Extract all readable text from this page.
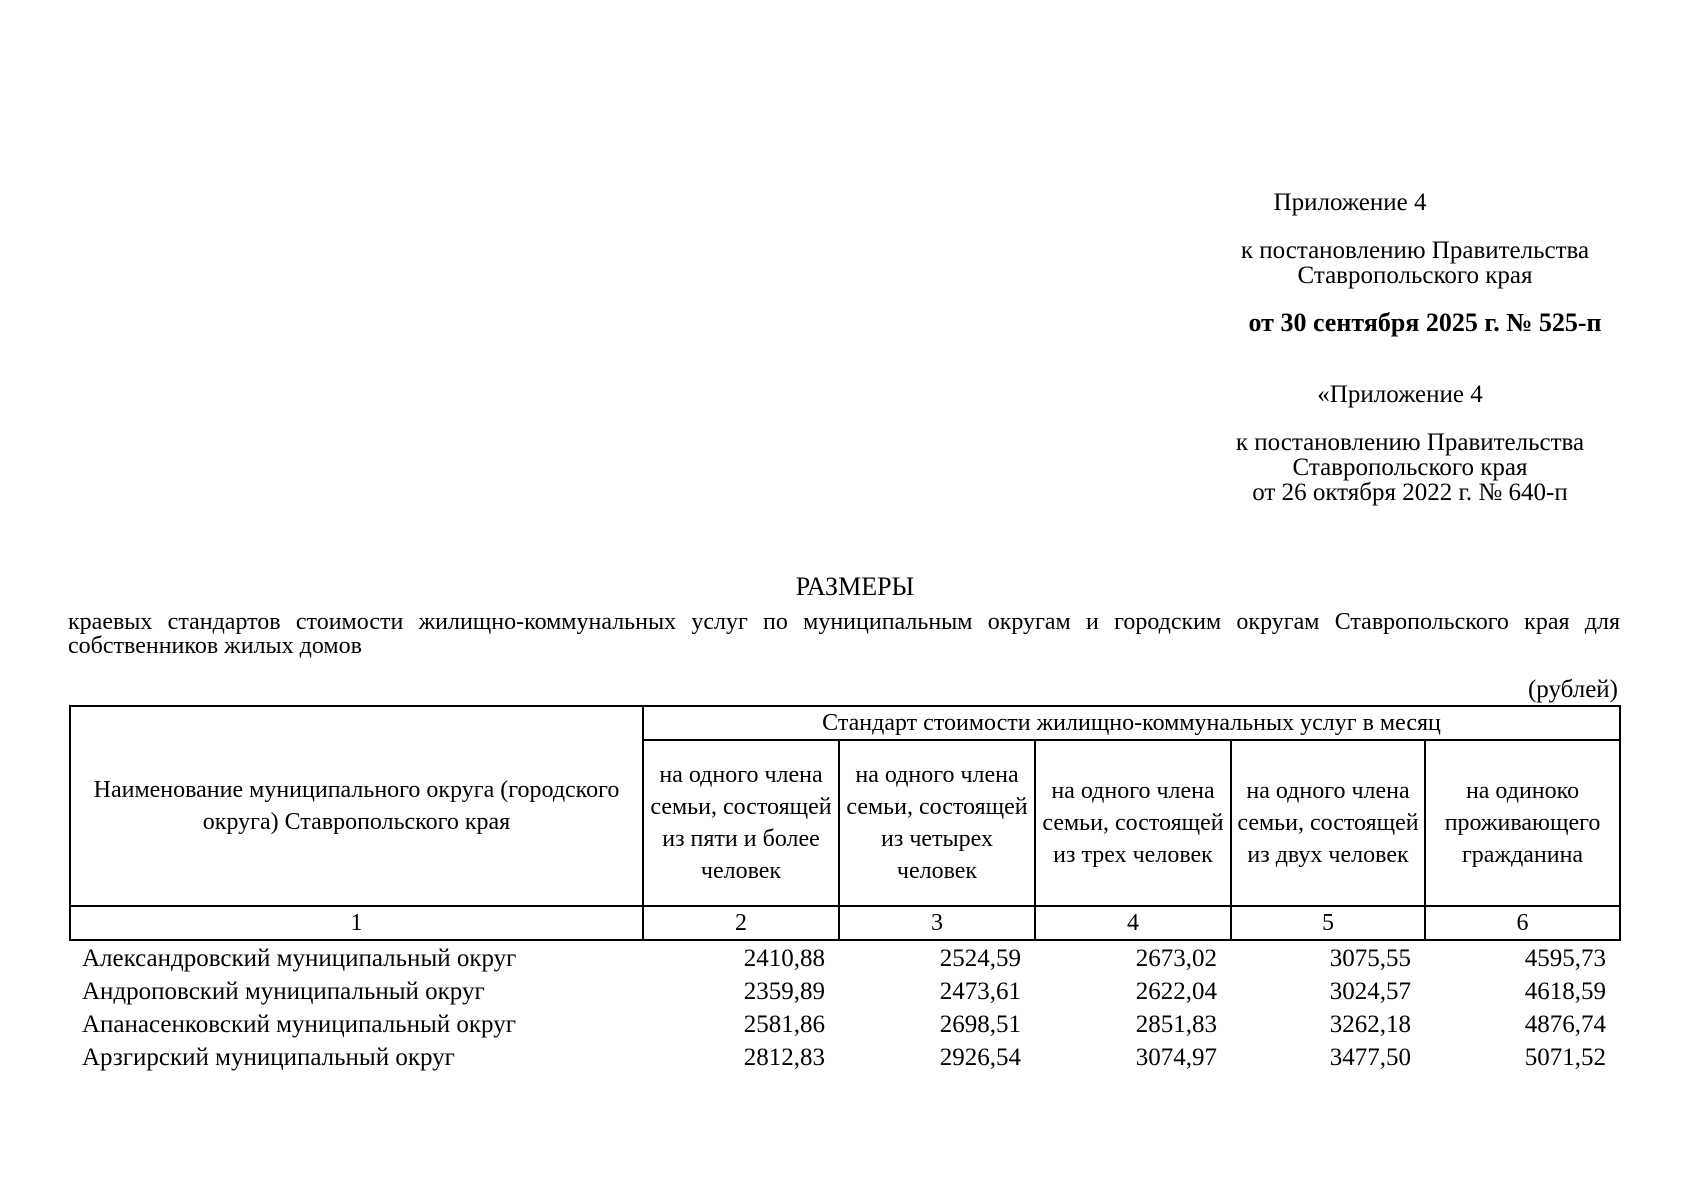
Приложение 4
к постановлению Правительства
Ставропольского края
от 30 сентября 2025 г. № 525-п
«Приложение 4
к постановлению Правительства
Ставропольского края
от 26 октября 2022 г. № 640-п
РАЗМЕРЫ
краевых стандартов стоимости жилищно-коммунальных услуг по муниципальным округам и городским округам Ставропольского края для собственников жилых домов
(рублей)
Наименование муниципального округа (городского округа) Ставропольского края	Стандарт стоимости жилищно-коммунальных услуг в месяц				
	на одного члена семьи, состоящей из пяти и более человек	на одного члена семьи, состоящей из четырех человек	на одного члена семьи, состоящей из трех человек	на одного члена семьи, состоящей из двух человек	на одиноко проживающего гражданина
1	2	3	4	5	6
Александровский муниципальный округ	2410,88	2524,59	2673,02	3075,55	4595,73
Андроповский муниципальный округ	2359,89	2473,61	2622,04	3024,57	4618,59
Апанасенковский муниципальный округ	2581,86	2698,51	2851,83	3262,18	4876,74
Арзгирский муниципальный округ	2812,83	2926,54	3074,97	3477,50	5071,52
